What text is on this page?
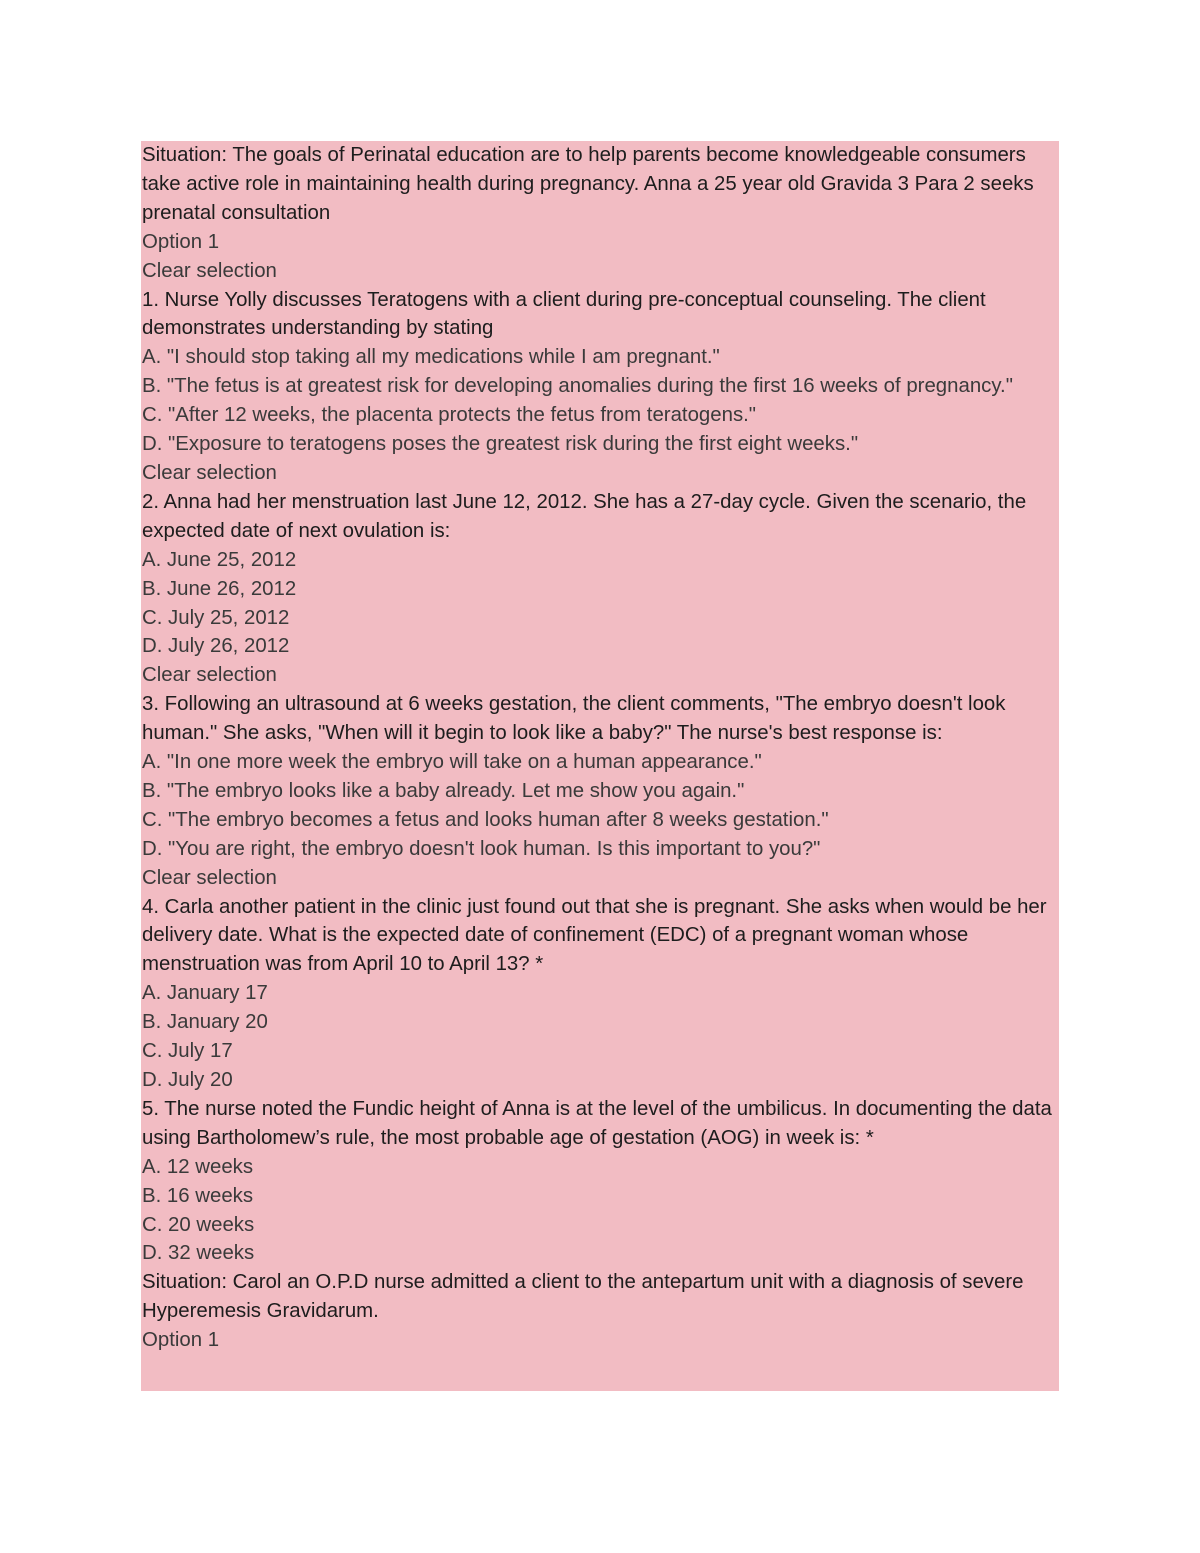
Situation: The goals of Perinatal education are to help parents become knowledgeable consumers take active role in maintaining health during pregnancy. Anna a 25 year old Gravida 3 Para 2 seeks prenatal consultation
Option 1
Clear selection
1. Nurse Yolly discusses Teratogens with a client during pre-conceptual counseling. The client demonstrates understanding by stating
A. "I should stop taking all my medications while I am pregnant."
B. "The fetus is at greatest risk for developing anomalies during the first 16 weeks of pregnancy."
C. "After 12 weeks, the placenta protects the fetus from teratogens."
D. "Exposure to teratogens poses the greatest risk during the first eight weeks."
Clear selection
2. Anna had her menstruation last June 12, 2012. She has a 27-day cycle. Given the scenario, the expected date of next ovulation is:
A. June 25, 2012
B. June 26, 2012
C. July 25, 2012
D. July 26, 2012
Clear selection
3. Following an ultrasound at 6 weeks gestation, the client comments, "The embryo doesn't look human." She asks, "When will it begin to look like a baby?" The nurse's best response is:
A. "In one more week the embryo will take on a human appearance."
B. "The embryo looks like a baby already. Let me show you again."
C. "The embryo becomes a fetus and looks human after 8 weeks gestation."
D. "You are right, the embryo doesn't look human. Is this important to you?"
Clear selection
4. Carla another patient in the clinic just found out that she is pregnant. She asks when would be her delivery date. What is the expected date of confinement (EDC) of a pregnant woman whose menstruation was from April 10 to April 13? *
A. January 17
B. January 20
C. July 17
D. July 20
5. The nurse noted the Fundic height of Anna is at the level of the umbilicus. In documenting the data using Bartholomew’s rule, the most probable age of gestation (AOG) in week is: *
A. 12 weeks
B. 16 weeks
C. 20 weeks
D. 32 weeks
Situation: Carol an O.P.D nurse admitted a client to the antepartum unit with a diagnosis of severe Hyperemesis Gravidarum.
Option 1
